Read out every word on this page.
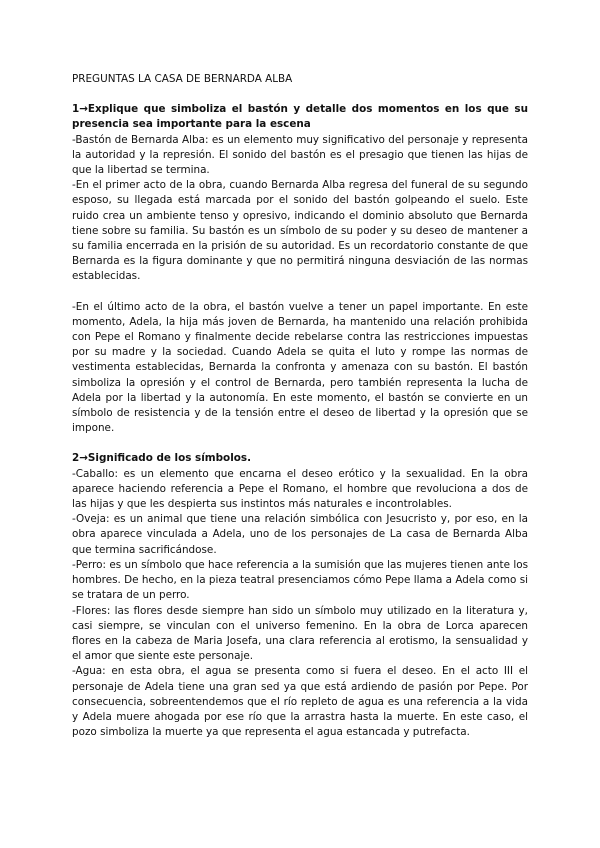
PREGUNTAS LA CASA DE BERNARDA ALBA

1→Explique que simboliza el bastón y detalle dos momentos en los que su presencia sea importante para la escena

-Bastón de Bernarda Alba: es un elemento muy significativo del personaje y representa la autoridad y la represión. El sonido del bastón es el presagio que tienen las hijas de que la libertad se termina.

-En el primer acto de la obra, cuando Bernarda Alba regresa del funeral de su segundo esposo, su llegada está marcada por el sonido del bastón golpeando el suelo. Este ruido crea un ambiente tenso y opresivo, indicando el dominio absoluto que Bernarda tiene sobre su familia. Su bastón es un símbolo de su poder y su deseo de mantener a su familia encerrada en la prisión de su autoridad. Es un recordatorio constante de que Bernarda es la figura dominante y que no permitirá ninguna desviación de las normas establecidas.

-En el último acto de la obra, el bastón vuelve a tener un papel importante. En este momento, Adela, la hija más joven de Bernarda, ha mantenido una relación prohibida con Pepe el Romano y finalmente decide rebelarse contra las restricciones impuestas por su madre y la sociedad. Cuando Adela se quita el luto y rompe las normas de vestimenta establecidas, Bernarda la confronta y amenaza con su bastón. El bastón simboliza la opresión y el control de Bernarda, pero también representa la lucha de Adela por la libertad y la autonomía. En este momento, el bastón se convierte en un símbolo de resistencia y de la tensión entre el deseo de libertad y la opresión que se impone.

2→Significado de los símbolos.

-Caballo: es un elemento que encarna el deseo erótico y la sexualidad. En la obra aparece haciendo referencia a Pepe el Romano, el hombre que revoluciona a dos de las hijas y que les despierta sus instintos más naturales e incontrolables.

-Oveja: es un animal que tiene una relación simbólica con Jesucristo y, por eso, en la obra aparece vinculada a Adela, uno de los personajes de La casa de Bernarda Alba que termina sacrificándose.

-Perro: es un símbolo que hace referencia a la sumisión que las mujeres tienen ante los hombres. De hecho, en la pieza teatral presenciamos cómo Pepe llama a Adela como si se tratara de un perro.

-Flores: las flores desde siempre han sido un símbolo muy utilizado en la literatura y, casi siempre, se vinculan con el universo femenino. En la obra de Lorca aparecen flores en la cabeza de Maria Josefa, una clara referencia al erotismo, la sensualidad y el amor que siente este personaje.

-Agua: en esta obra, el agua se presenta como si fuera el deseo. En el acto III el personaje de Adela tiene una gran sed ya que está ardiendo de pasión por Pepe. Por consecuencia, sobreentendemos que el río repleto de agua es una referencia a la vida y Adela muere ahogada por ese río que la arrastra hasta la muerte. En este caso, el pozo simboliza la muerte ya que representa el agua estancada y putrefacta.
